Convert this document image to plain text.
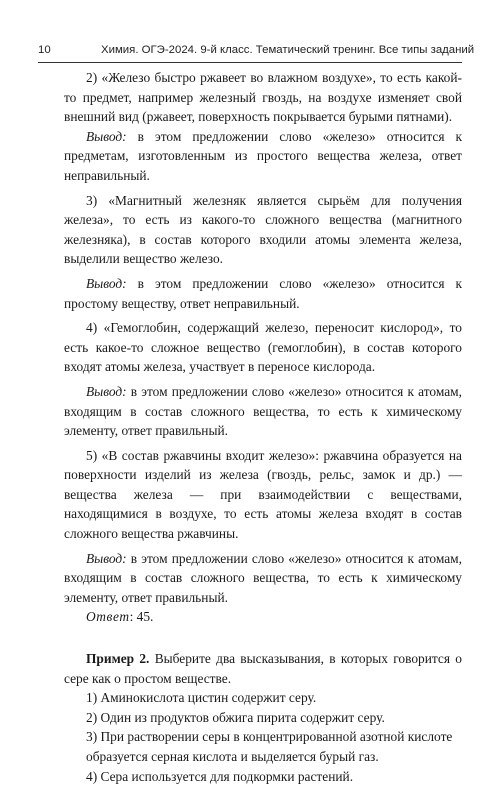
10	Химия. ОГЭ-2024. 9-й класс. Тематический тренинг. Все типы заданий

2) «Железо быстро ржавеет во влажном воздухе», то есть какой-то предмет, например железный гвоздь, на воздухе изменяет свой внешний вид (ржавеет, поверхность покрывается бурыми пятнами).

Вывод: в этом предложении слово «железо» относится к предметам, изготовленным из простого вещества железа, ответ неправильный.

3) «Магнитный железняк является сырьём для получения железа», то есть из какого-то сложного вещества (магнитного железняка), в состав которого входили атомы элемента железа, выделили вещество железо.

Вывод: в этом предложении слово «железо» относится к простому веществу, ответ неправильный.

4) «Гемоглобин, содержащий железо, переносит кислород», то есть какое-то сложное вещество (гемоглобин), в состав которого входят атомы железа, участвует в переносе кислорода.

Вывод: в этом предложении слово «железо» относится к атомам, входящим в состав сложного вещества, то есть к химическому элементу, ответ правильный.

5) «В состав ржавчины входит железо»: ржавчина образуется на поверхности изделий из железа (гвоздь, рельс, замок и др.) — вещества железа — при взаимодействии с веществами, находящимися в воздухе, то есть атомы железа входят в состав сложного вещества ржавчины.

Вывод: в этом предложении слово «железо» относится к атомам, входящим в состав сложного вещества, то есть к химическому элементу, ответ правильный.

Ответ: 45.

Пример 2. Выберите два высказывания, в которых говорится о сере как о простом веществе.

1) Аминокислота цистин содержит серу.

2) Один из продуктов обжига пирита содержит серу.

3) При растворении серы в концентрированной азотной кислоте образуется серная кислота и выделяется бурый газ.

4) Сера используется для подкормки растений.
